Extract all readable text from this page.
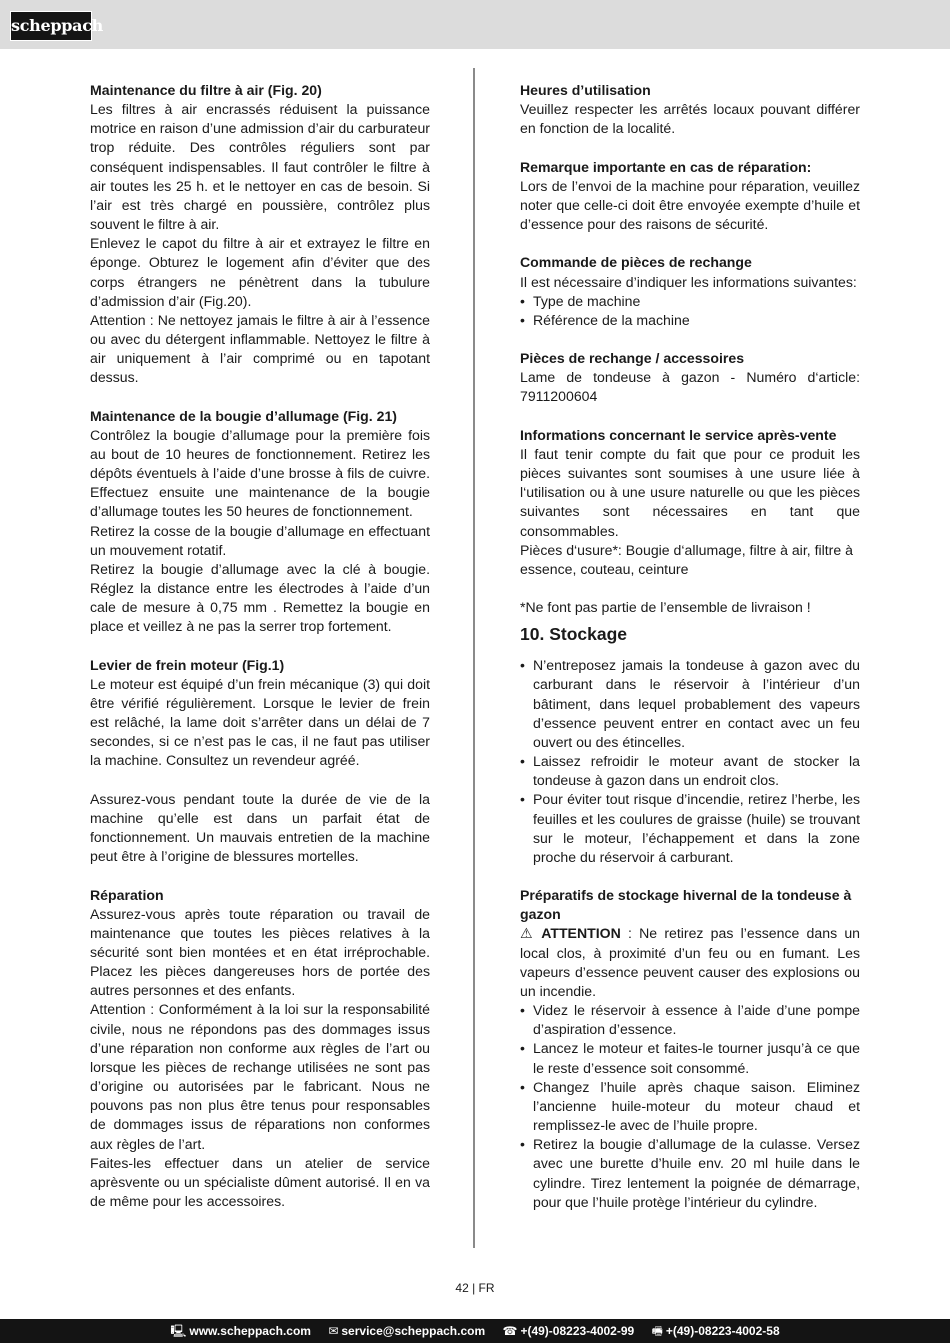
scheppach
Maintenance du filtre à air (Fig. 20)

Les filtres à air encrassés réduisent la puissance motrice en raison d’une admission d’air du carburateur trop réduite. Des contrôles réguliers sont par conséquent indispensables. Il faut contrôler le filtre à air toutes les 25 h. et le nettoyer en cas de besoin. Si l’air est très chargé en poussière, contrôlez plus souvent le filtre à air.

Enlevez le capot du filtre à air et extrayez le filtre en éponge. Obturez le logement afin d’éviter que des corps étrangers ne pénètrent dans la tubulure d’admission d’air (Fig.20).

Attention : Ne nettoyez jamais le filtre à air à l’essence ou avec du détergent inflammable. Nettoyez le filtre à air uniquement à l’air comprimé ou en tapotant dessus.

Maintenance de la bougie d’allumage (Fig. 21)

Contrôlez la bougie d’allumage pour la première fois au bout de 10 heures de fonctionnement. Retirez les dépôts éventuels à l’aide d’une brosse à fils de cuivre. Effectuez ensuite une maintenance de la bougie d’allumage toutes les 50 heures de fonctionnement.

Retirez la cosse de la bougie d’allumage en effectuant un mouvement rotatif.

Retirez la bougie d’allumage avec la clé à bougie. Réglez la distance entre les électrodes à l’aide d’un cale de mesure à 0,75 mm . Remettez la bougie en place et veillez à ne pas la serrer trop fortement.

Levier de frein moteur (Fig.1)

Le moteur est équipé d’un frein mécanique (3) qui doit être vérifié régulièrement. Lorsque le levier de frein est relâché, la lame doit s’arrêter dans un délai de 7 secondes, si ce n’est pas le cas, il ne faut pas utiliser la machine. Consultez un revendeur agréé.

Assurez-vous pendant toute la durée de vie de la machine qu’elle est dans un parfait état de fonctionnement. Un mauvais entretien de la machine peut être à l’origine de blessures mortelles.

Réparation

Assurez-vous après toute réparation ou travail de maintenance que toutes les pièces relatives à la sécurité sont bien montées et en état irréprochable. Placez les pièces dangereuses hors de portée des autres personnes et des enfants.

Attention : Conformément à la loi sur la responsabilité civile, nous ne répondons pas des dommages issus d’une réparation non conforme aux règles de l’art ou lorsque les pièces de rechange utilisées ne sont pas d’origine ou autorisées par le fabricant. Nous ne pouvons pas non plus être tenus pour responsables de dommages issus de réparations non conformes aux règles de l’art.

Faites-les effectuer dans un atelier de service aprèsvente ou un spécialiste dûment autorisé. Il en va de même pour les accessoires.

Heures d’utilisation

Veuillez respecter les arrêtés locaux pouvant différer en fonction de la localité.

Remarque importante en cas de réparation:

Lors de l’envoi de la machine pour réparation, veuillez noter que celle-ci doit être envoyée exempte d’huile et d’essence pour des raisons de sécurité.

Commande de pièces de rechange

Il est nécessaire d’indiquer les informations suivantes:

• Type de machine
• Référence de la machine
Pièces de rechange / accessoires

Lame de tondeuse à gazon - Numéro d‘article: 7911200604

Informations concernant le service après-vente

Il faut tenir compte du fait que pour ce produit les pièces suivantes sont soumises à une usure liée à l‘utilisation ou à une usure naturelle ou que les pièces suivantes sont nécessaires en tant que consommables.

Pièces d‘usure*: Bougie d‘allumage, filtre à air, filtre à essence, couteau, ceinture

*Ne font pas partie de l’ensemble de livraison !

10. Stockage
• N’entreposez jamais la tondeuse à gazon avec du carburant dans le réservoir à l’intérieur d’un bâtiment, dans lequel probablement des vapeurs d’essence peuvent entrer en contact avec un feu ouvert ou des étincelles.
• Laissez refroidir le moteur avant de stocker la tondeuse à gazon dans un endroit clos.
• Pour éviter tout risque d’incendie, retirez l’herbe, les feuilles et les coulures de graisse (huile) se trouvant sur le moteur, l’échappement et dans la zone proche du réservoir á carburant.
Préparatifs de stockage hivernal de la tondeuse à gazon

⚠ ATTENTION : Ne retirez pas l’essence dans un local clos, à proximité d’un feu ou en fumant. Les vapeurs d’essence peuvent causer des explosions ou un incendie.

• Videz le réservoir à essence à l’aide d’une pompe d’aspiration d’essence.
• Lancez le moteur et faites-le tourner jusqu’à ce que le reste d’essence soit consommé.
• Changez l’huile après chaque saison. Eliminez l’ancienne huile-moteur du moteur chaud et remplissez-le avec de l’huile propre.
• Retirez la bougie d’allumage de la culasse. Versez avec une burette d’huile env. 20 ml huile dans le cylindre. Tirez lentement la poignée de démarrage, pour que l’huile protège l’intérieur du cylindre.
42 | FR
🖳 www.scheppach.com ✉ service@scheppach.com ☎ +(49)-08223-4002-99 🖷 +(49)-08223-4002-58
